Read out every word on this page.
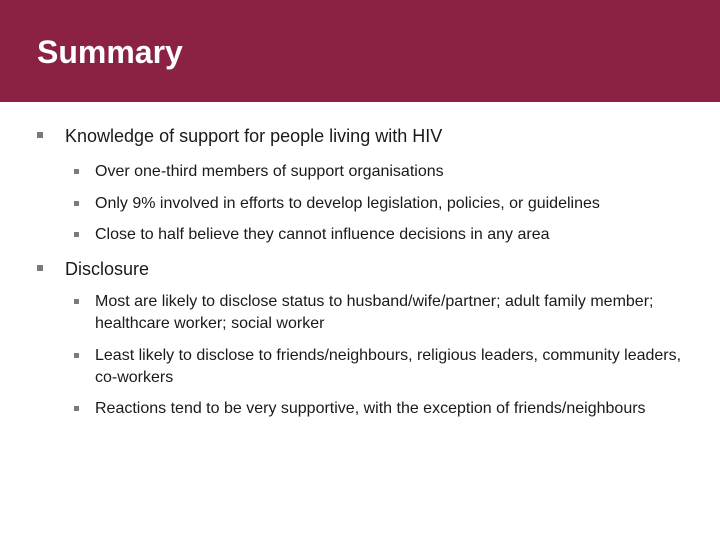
Summary
Knowledge of support for people living with HIV
Over one-third members of support organisations
Only 9% involved in efforts to develop legislation, policies, or guidelines
Close to half believe they cannot influence decisions in any area
Disclosure
Most are likely to disclose status to husband/wife/partner; adult family member; healthcare worker; social worker
Least likely to disclose to friends/neighbours, religious leaders, community leaders, co-workers
Reactions tend to be very supportive, with the exception of friends/neighbours
